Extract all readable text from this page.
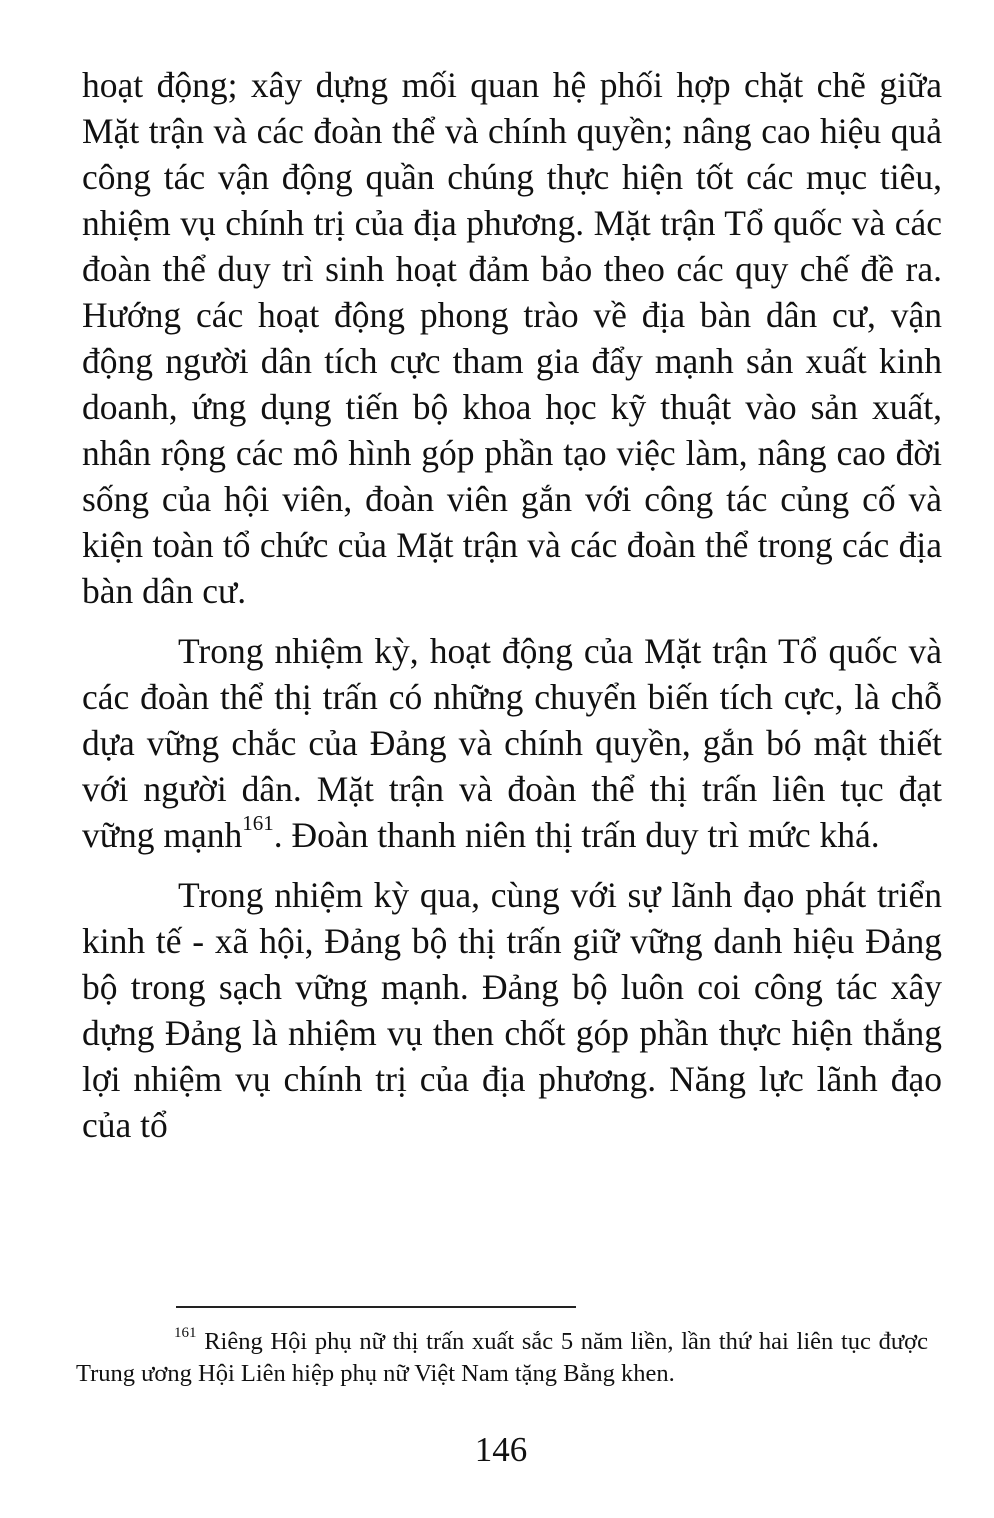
hoạt động; xây dựng mối quan hệ phối hợp chặt chẽ giữa Mặt trận và các đoàn thể và chính quyền; nâng cao hiệu quả công tác vận động quần chúng thực hiện tốt các mục tiêu, nhiệm vụ chính trị của địa phương. Mặt trận Tổ quốc và các đoàn thể duy trì sinh hoạt đảm bảo theo các quy chế đề ra. Hướng các hoạt động phong trào về địa bàn dân cư, vận động người dân tích cực tham gia đẩy mạnh sản xuất kinh doanh, ứng dụng tiến bộ khoa học kỹ thuật vào sản xuất, nhân rộng các mô hình góp phần tạo việc làm, nâng cao đời sống của hội viên, đoàn viên gắn với công tác củng cố và kiện toàn tổ chức của Mặt trận và các đoàn thể trong các địa bàn dân cư.

Trong nhiệm kỳ, hoạt động của Mặt trận Tổ quốc và các đoàn thể thị trấn có những chuyển biến tích cực, là chỗ dựa vững chắc của Đảng và chính quyền, gắn bó mật thiết với người dân. Mặt trận và đoàn thể thị trấn liên tục đạt vững mạnh$^{161}$. Đoàn thanh niên thị trấn duy trì mức khá.

Trong nhiệm kỳ qua, cùng với sự lãnh đạo phát triển kinh tế - xã hội, Đảng bộ thị trấn giữ vững danh hiệu Đảng bộ trong sạch vững mạnh. Đảng bộ luôn coi công tác xây dựng Đảng là nhiệm vụ then chốt góp phần thực hiện thắng lợi nhiệm vụ chính trị của địa phương. Năng lực lãnh đạo của tổ

$^{161}$ Riêng Hội phụ nữ thị trấn xuất sắc 5 năm liền, lần thứ hai liên tục được Trung ương Hội Liên hiệp phụ nữ Việt Nam tặng Bằng khen.

146
